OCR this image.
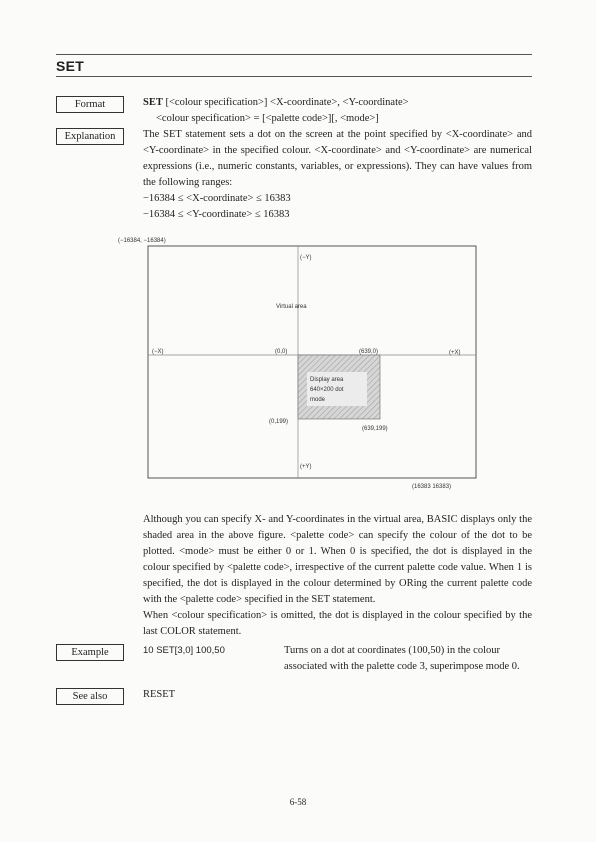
SET
Format	SET [<colour specification>] <X-coordinate>, <Y-coordinate>
<colour specification> = [<palette code>][, <mode>]
Explanation	The SET statement sets a dot on the screen at the point specified by <X-coordinate> and <Y-coordinate> in the specified colour. <X-coordinate> and <Y-coordinate> are numerical expressions (i.e., numeric constants, variables, or expressions). They can have values from the following ranges:
−16384 ≤ <X-coordinate> ≤ 16383
−16384 ≤ <Y-coordinate> ≤ 16383
(−16384, −16384)
(−Y)
Virtual area
(−X)	(0,0)	(639,0)	(+X)
Display area
640×200 dot
mode
(0,199)
(639,199)
(+Y)
(16383 16383)
Although you can specify X- and Y-coordinates in the virtual area, BASIC displays only the shaded area in the above figure. <palette code> can specify the colour of the dot to be plotted. <mode> must be either 0 or 1. When 0 is specified, the dot is displayed in the colour specified by <palette code>, irrespective of the current palette code value. When 1 is specified, the dot is displayed in the colour determined by ORing the current palette code with the <palette code> specified in the SET statement.
When <colour specification> is omitted, the dot is displayed in the colour specified by the last COLOR statement.
Example	10 SET[3,0] 100,50	Turns on a dot at coordinates (100,50) in the colour associated with the palette code 3, superimpose mode 0.
See also	RESET
6-58
